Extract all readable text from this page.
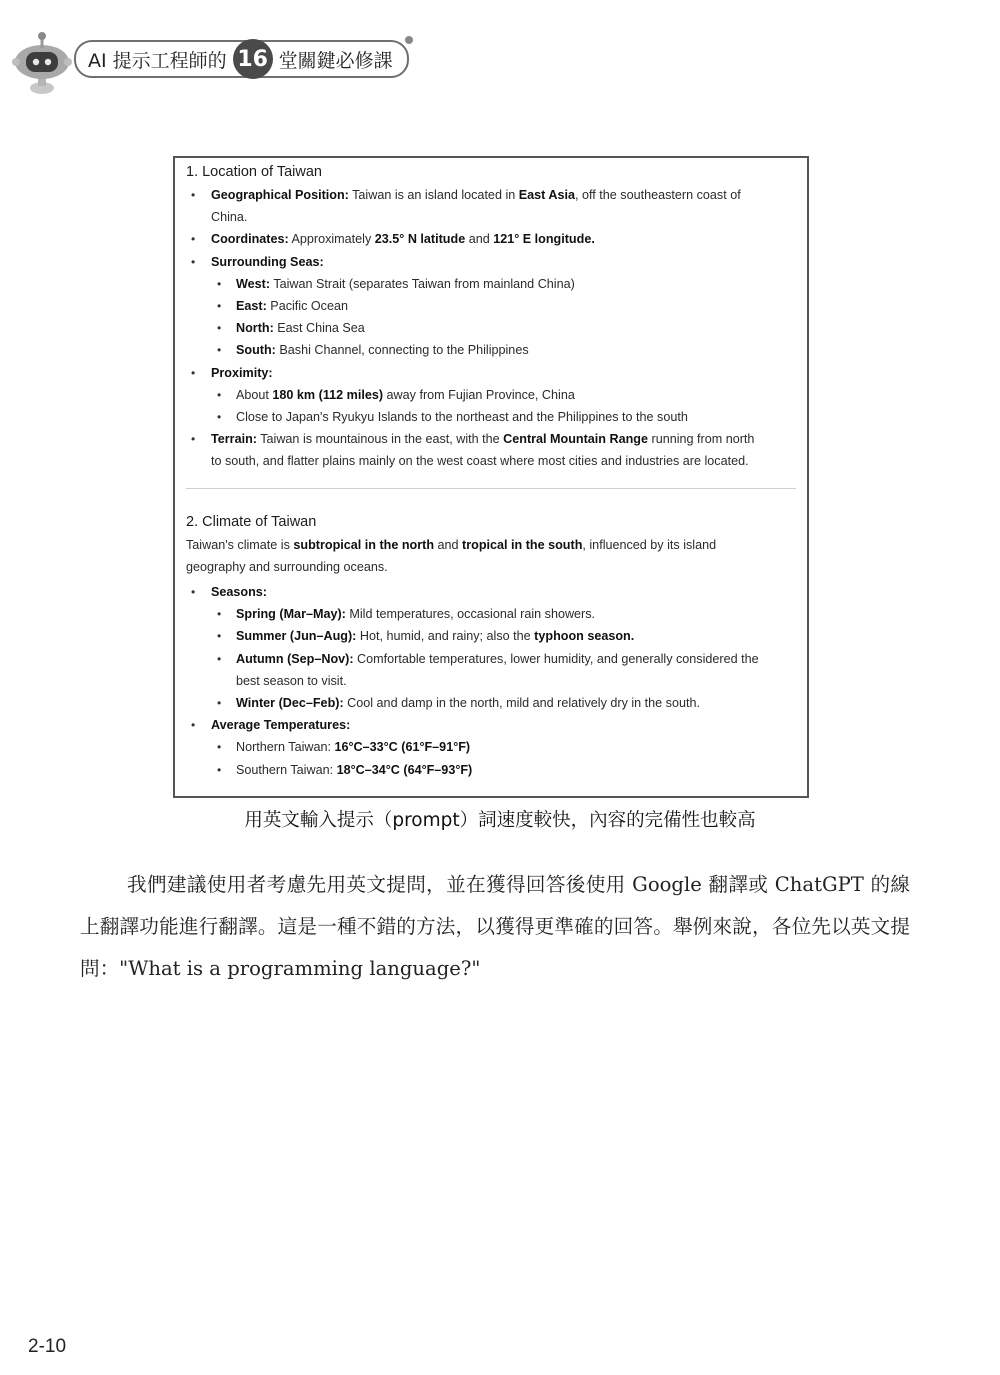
AI 提示工程師的 16 堂關鍵必修課
1. Location of Taiwan
• Geographical Position: Taiwan is an island located in East Asia, off the southeastern coast of
China.
• Coordinates: Approximately 23.5° N latitude and 121° E longitude.
• Surrounding Seas:
• West: Taiwan Strait (separates Taiwan from mainland China)
• East: Pacific Ocean
• North: East China Sea
• South: Bashi Channel, connecting to the Philippines
• Proximity:
• About 180 km (112 miles) away from Fujian Province, China
• Close to Japan's Ryukyu Islands to the northeast and the Philippines to the south
• Terrain: Taiwan is mountainous in the east, with the Central Mountain Range running from north
to south, and flatter plains mainly on the west coast where most cities and industries are located.
2. Climate of Taiwan
Taiwan's climate is subtropical in the north and tropical in the south, influenced by its island
geography and surrounding oceans.
• Seasons:
• Spring (Mar–May): Mild temperatures, occasional rain showers.
• Summer (Jun–Aug): Hot, humid, and rainy; also the typhoon season.
• Autumn (Sep–Nov): Comfortable temperatures, lower humidity, and generally considered the
best season to visit.
• Winter (Dec–Feb): Cool and damp in the north, mild and relatively dry in the south.
• Average Temperatures:
• Northern Taiwan: 16°C–33°C (61°F–91°F)
• Southern Taiwan: 18°C–34°C (64°F–93°F)
用英文輸入提示（prompt）詞速度較快，內容的完備性也較高

我們建議使用者考慮先用英文提問，並在獲得回答後使用 Google 翻譯或 ChatGPT 的線上翻譯功能進行翻譯。這是一種不錯的方法，以獲得更準確的回答。舉例來說，各位先以英文提問："What is a programming language?"

2-10
